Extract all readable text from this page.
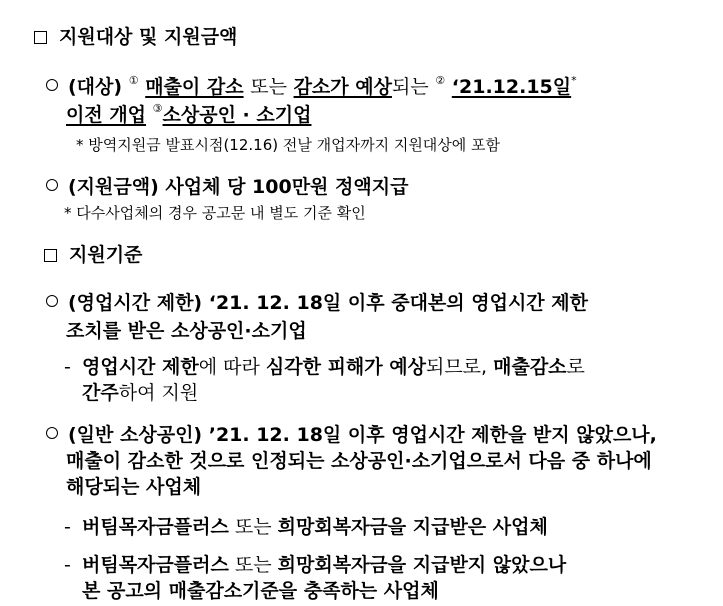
지원대상 및 지원금액
(대상) ① 매출이 감소 또는 감소가 예상되는 ② ‘21.12.15일*
이전 개업 ③소상공인 · 소기업
* 방역지원금 발표시점(12.16) 전날 개업자까지 지원대상에 포함
(지원금액) 사업체 당 100만원 정액지급
* 다수사업체의 경우 공고문 내 별도 기준 확인
지원기준
(영업시간 제한) ‘21. 12. 18일 이후 중대본의 영업시간 제한
조치를 받은 소상공인·소기업
- 영업시간 제한에 따라 심각한 피해가 예상되므로, 매출감소로
간주하여 지원
(일반 소상공인) ’21. 12. 18일 이후 영업시간 제한을 받지 않았으나,
매출이 감소한 것으로 인정되는 소상공인·소기업으로서 다음 중 하나에
해당되는 사업체
- 버팀목자금플러스 또는 희망회복자금을 지급받은 사업체
- 버팀목자금플러스 또는 희망회복자금을 지급받지 않았으나
본 공고의 매출감소기준을 충족하는 사업체
